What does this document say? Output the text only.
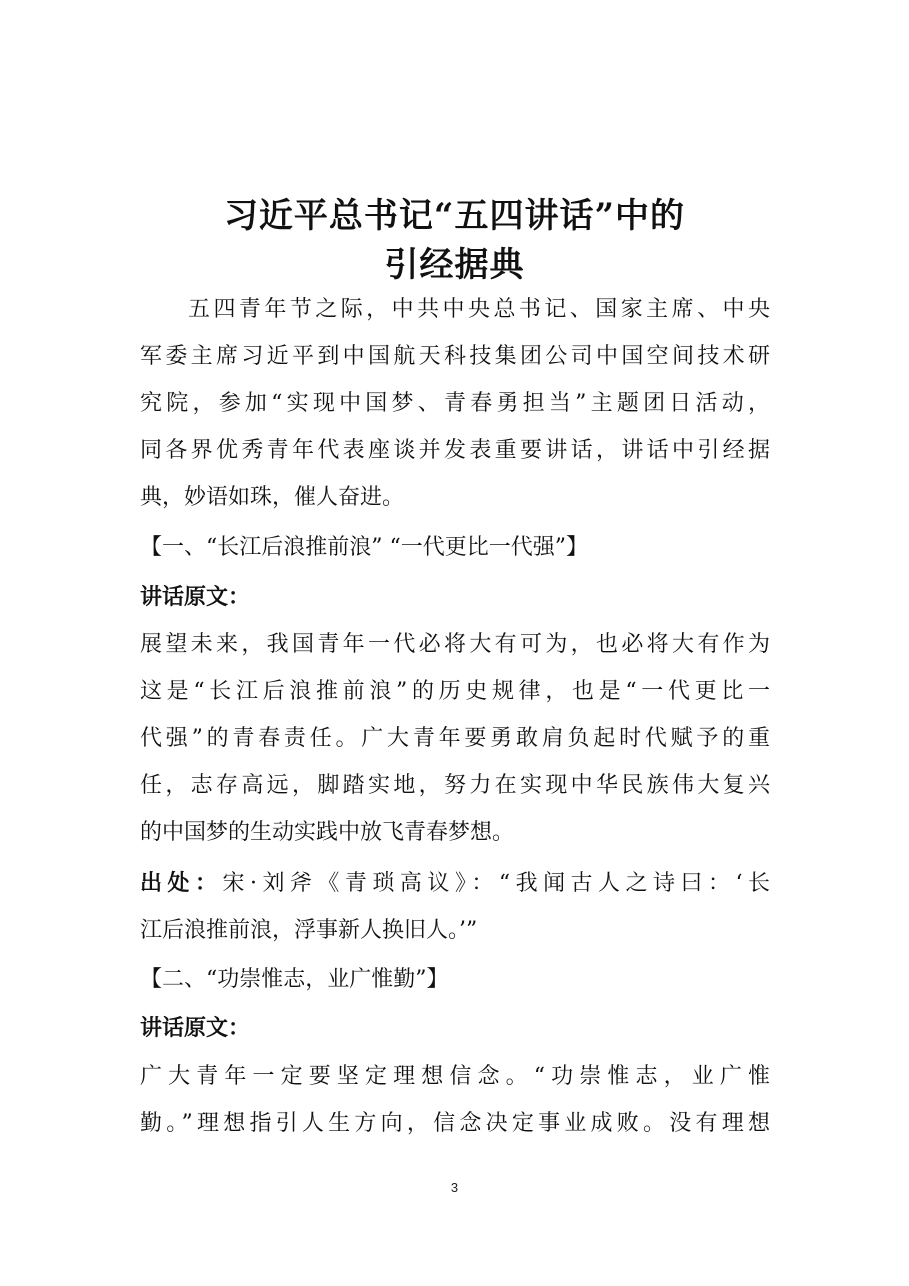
习近平总书记“五四讲话”中的
引经据典
五四青年节之际，中共中央总书记、国家主席、中央
军委主席习近平到中国航天科技集团公司中国空间技术研
究院，参加“实现中国梦、青春勇担当”主题团日活动，
同各界优秀青年代表座谈并发表重要讲话，讲话中引经据
典，妙语如珠，催人奋进。
【一、“长江后浪推前浪” “一代更比一代强”】
讲话原文：
展望未来，我国青年一代必将大有可为，也必将大有作为
这是“长江后浪推前浪”的历史规律，也是“一代更比一
代强”的青春责任。广大青年要勇敢肩负起时代赋予的重
任，志存高远，脚踏实地，努力在实现中华民族伟大复兴
的中国梦的生动实践中放飞青春梦想。
出处：宋·刘斧《青琐高议》：“我闻古人之诗曰：‘长
江后浪推前浪，浮事新人换旧人。’”
【二、“功崇惟志，业广惟勤”】
讲话原文：
广大青年一定要坚定理想信念。“功崇惟志，业广惟
勤。”理想指引人生方向，信念决定事业成败。没有理想
3
